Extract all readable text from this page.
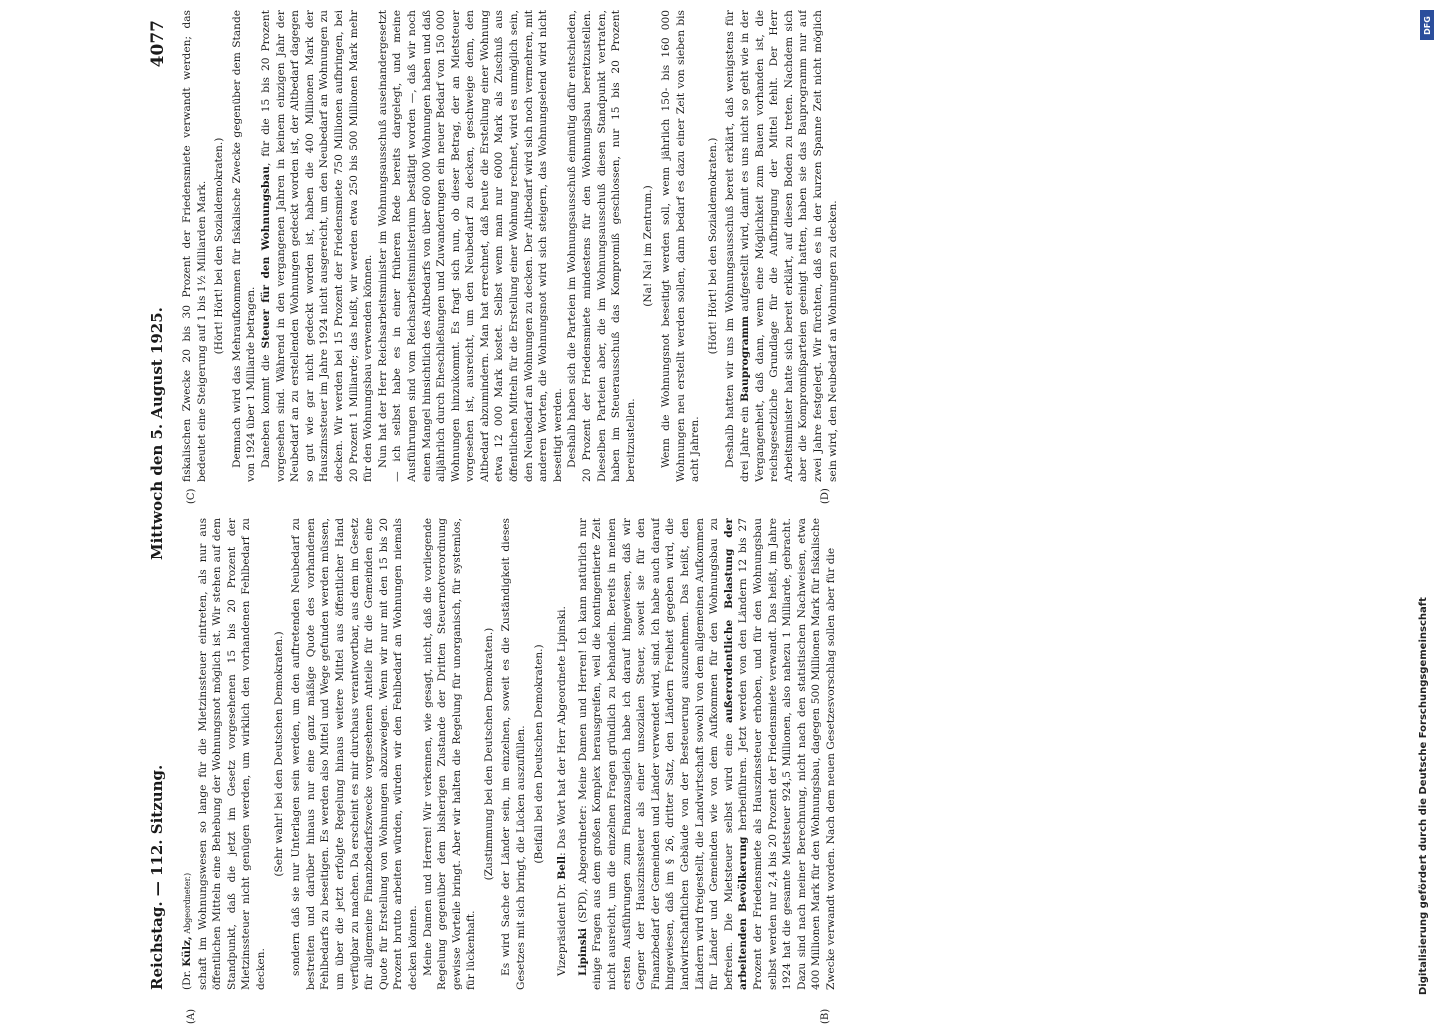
Reichstag. — 112. Sitzung.
Mittwoch den 5. August 1925.
4077
(A)	(B)
(C)	(D)

(Dr. Külz, Abgeordneter.) schaft im Wohnungswesen so lange für die Mietzinssteuer eintreten, als nur aus öffentlichen Mitteln eine Behebung der Wohnungsnot möglich ist. Wir stehen auf dem Standpunkt, daß die jetzt im Gesetz vorgesehenen 15 bis 20 Prozent der Mietzinssteuer nicht genügen werden, um wirklich den vorhandenen Fehlbedarf zu decken.

(Sehr wahr! bei den Deutschen Demokraten.) sondern daß sie nur Unterlagen sein werden, um den auftretenden Neubedarf zu bestreiten und darüber hinaus nur eine ganz mäßige Quote des vorhandenen Fehlbedarfs zu beseitigen. Es werden also Mittel und Wege gefunden werden müssen, um über die jetzt erfolgte Regelung hinaus weitere Mittel aus öffentlicher Hand verfügbar zu machen. Da erscheint es mir durchaus verantwortbar, aus dem im Gesetz für allgemeine Finanzbedarfszwecke vorgesehenen Anteile für die Gemeinden eine Quote für Erstellung von Wohnungen abzuzweigen. Wenn wir nur mit den 15 bis 20 Prozent brutto arbeiten würden, würden wir den Fehlbedarf an Wohnungen niemals decken können. Meine Damen und Herren! Wir verkennen, wie gesagt, nicht, daß die vorliegende Regelung gegenüber dem bisherigen Zustande der Dritten Steuernotverordnung gewisse Vorteile bringt. Aber wir halten die Regelung für unorganisch, für systemlos, für lückenhaft.

(Zustimmung bei den Deutschen Demokraten.) Es wird Sache der Länder sein, im einzelnen, soweit es die Zuständigkeit dieses Gesetzes mit sich bringt, die Lücken auszufüllen. (Beifall bei den Deutschen Demokraten.)

Vizepräsident Dr. Bell: Das Wort hat der Herr Abgeordnete Lipinski.

Lipinski (SPD), Abgeordneter: Meine Damen und Herren! Ich kann natürlich nur einige Fragen aus dem großen Komplex herausgreifen, weil die kontingentierte Zeit nicht ausreicht, um die einzelnen Fragen gründlich zu behandeln. Bereits in meinen ersten Ausführungen zum Finanzausgleich habe ich darauf hingewiesen, daß wir Gegner der Hauszinssteuer als einer unsozialen Steuer, soweit sie für den Finanzbedarf der Gemeinden und Länder verwendet wird, sind. Ich habe auch darauf hingewiesen, daß im § 26, dritter Satz, den Ländern Freiheit gegeben wird, die landwirtschaftlichen Gebäude von der Besteuerung auszunehmen. Das heißt, den Ländern wird freigestellt, die Landwirtschaft sowohl von dem allgemeinen Aufkommen für Länder und Gemeinden wie von dem Aufkommen für den Wohnungsbau zu befreien. Die Mietsteuer selbst wird eine außerordentliche Belastung der arbeitenden Bevölkerung herbeiführen. Jetzt werden von den Ländern 12 bis 27 Prozent der Friedensmiete als Hauszinssteuer erhoben, und für den Wohnungsbau selbst werden nur 2,4 bis 20 Prozent der Friedensmiete verwandt. Das heißt, im Jahre 1924 hat die gesamte Mietsteuer 924,5 Millionen, also nahezu 1 Milliarde, gebracht. Dazu sind nach meiner Berechnung, nicht nach den statistischen Nachweisen, etwa 400 Millionen Mark für den Wohnungsbau, dagegen 500 Millionen Mark für fiskalische Zwecke verwandt worden. Nach dem neuen Gesetzesvorschlag sollen aber für die

fiskalischen Zwecke 20 bis 30 Prozent der Friedensmiete verwandt werden; das bedeutet eine Steigerung auf 1 bis 1½ Milliarden Mark. (Hört! Hört! bei den Sozialdemokraten.) Demnach wird das Mehraufkommen für fiskalische Zwecke gegenüber dem Stande von 1924 über 1 Milliarde betragen. Daneben kommt die Steuer für den Wohnungsbau, für die 15 bis 20 Prozent vorgesehen sind. Während in den vergangenen Jahren in keinem einzigen Jahr der Neubedarf an zu erstellenden Wohnungen gedeckt worden ist, der Altbedarf dagegen so gut wie gar nicht gedeckt worden ist, haben die 400 Millionen Mark der Hauszinssteuer im Jahre 1924 nicht ausgereicht, um den Neubedarf an Wohnungen zu decken. Wir werden bei 15 Prozent der Friedensmiete 750 Millionen aufbringen, bei 20 Prozent 1 Milliarde; das heißt, wir werden etwa 250 bis 500 Millionen Mark mehr für den Wohnungsbau verwenden können. Nun hat der Herr Reichsarbeitsminister im Wohnungsausschuß auseinandergesetzt — ich selbst habe es in einer früheren Rede bereits dargelegt, und meine Ausführungen sind vom Reichsarbeitsministerium bestätigt worden —, daß wir noch einen Mangel hinsichtlich des Altbedarfs von über 600 000 Wohnungen haben und daß alljährlich durch Eheschließungen und Zuwanderungen ein neuer Bedarf von 150 000 Wohnungen hinzukommt. Es fragt sich nun, ob dieser Betrag, der an Mietsteuer vorgesehen ist, ausreicht, um den Neubedarf zu decken, geschweige denn, den Altbedarf abzumindern. Man hat errechnet, daß heute die Erstellung einer Wohnung etwa 12 000 Mark kostet. Selbst wenn man nur 6000 Mark als Zuschuß aus öffentlichen Mitteln für die Erstellung einer Wohnung rechnet, wird es unmöglich sein, den Neubedarf an Wohnungen zu decken. Der Altbedarf wird sich noch vermehren, mit anderen Worten, die Wohnungsnot wird sich steigern, das Wohnungselend wird nicht beseitigt werden. Deshalb haben sich die Parteien im Wohnungsausschuß einmütig dafür entschieden, 20 Prozent der Friedensmiete mindestens für den Wohnungsbau bereitzustellen. Dieselben Parteien aber, die im Wohnungsausschuß diesen Standpunkt vertraten, haben im Steuerausschuß das Kompromiß geschlossen, nur 15 bis 20 Prozent bereitzustellen.

(Na! Na! im Zentrum.) Wenn die Wohnungsnot beseitigt werden soll, wenn jährlich 150- bis 160 000 Wohnungen neu erstellt werden sollen, dann bedarf es dazu einer Zeit von sieben bis acht Jahren.

(Hört! Hört! bei den Sozialdemokraten.) Deshalb hatten wir uns im Wohnungsausschuß bereit erklärt, daß wenigstens für drei Jahre ein Bauprogramm aufgestellt wird, damit es uns nicht so geht wie in der Vergangenheit, daß dann, wenn eine Möglichkeit zum Bauen vorhanden ist, die reichsgesetzliche Grundlage für die Aufbringung der Mittel fehlt. Der Herr Arbeitsminister hatte sich bereit erklärt, auf diesen Boden zu treten. Nachdem sich aber die Kompromißparteien geeinigt hatten, haben sie das Bauprogramm nur auf zwei Jahre festgelegt. Wir fürchten, daß es in der kurzen Spanne Zeit nicht möglich sein wird, den Neubedarf an Wohnungen zu decken.

DFG
Digitalisierung gefördert durch die Deutsche Forschungsgemeinschaft
